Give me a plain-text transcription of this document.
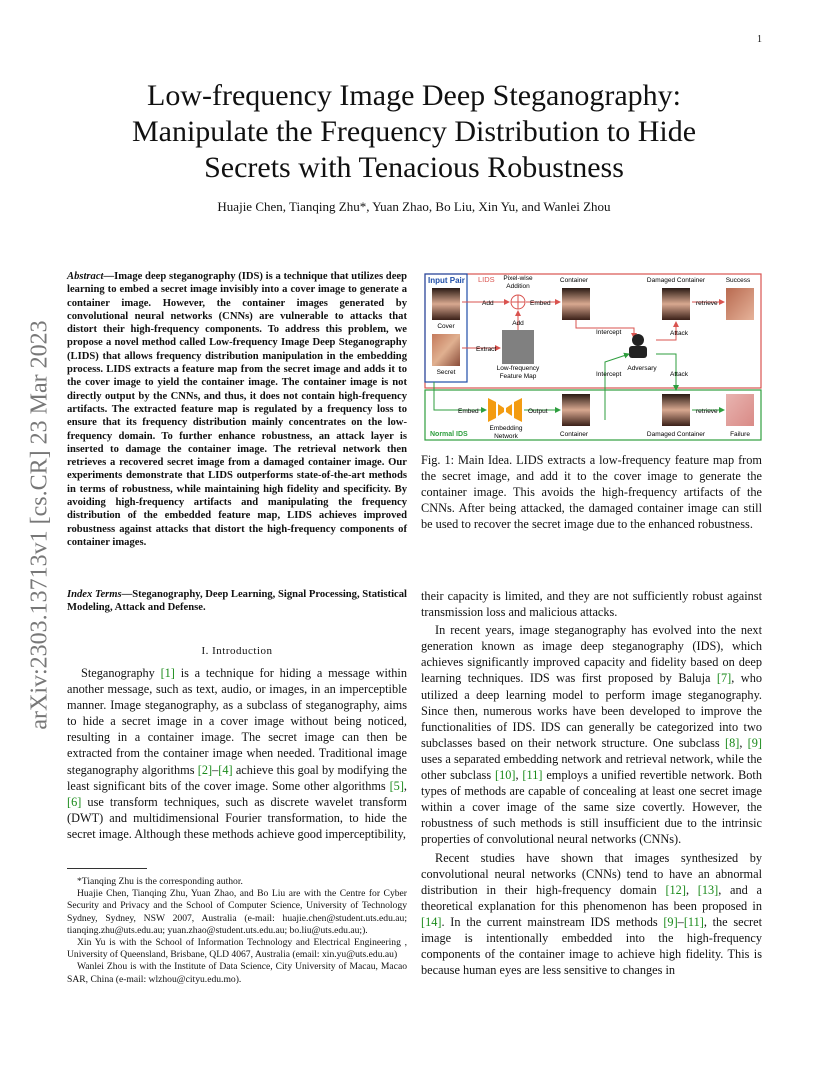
1
arXiv:2303.13713v1 [cs.CR] 23 Mar 2023
Low-frequency Image Deep Steganography:
Manipulate the Frequency Distribution to Hide
Secrets with Tenacious Robustness
Huajie Chen, Tianqing Zhu*, Yuan Zhao, Bo Liu, Xin Yu, and Wanlei Zhou
Abstract—Image deep steganography (IDS) is a technique that utilizes deep learning to embed a secret image invisibly into a cover image to generate a container image. However, the container images generated by convolutional neural networks (CNNs) are vulnerable to attacks that distort their high-frequency components. To address this problem, we propose a novel method called Low-frequency Image Deep Steganography (LIDS) that allows frequency distribution manipulation in the embedding process. LIDS extracts a feature map from the secret image and adds it to the cover image to yield the container image. The container image is not directly output by the CNNs, and thus, it does not contain high-frequency artifacts. The extracted feature map is regulated by a frequency loss to ensure that its frequency distribution mainly concentrates on the low-frequency domain. To further enhance robustness, an attack layer is inserted to damage the container image. The retrieval network then retrieves a recovered secret image from a damaged container image. Our experiments demonstrate that LIDS outperforms state-of-the-art methods in terms of robustness, while maintaining high fidelity and specificity. By avoiding high-frequency artifacts and manipulating the frequency distribution of the embedded feature map, LIDS achieves improved robustness against attacks that distort the high-frequency components of container images.
Index Terms—Steganography, Deep Learning, Signal Processing, Statistical Modeling, Attack and Defense.
I. Introduction

Steganography [1] is a technique for hiding a message within another message, such as text, audio, or images, in an imperceptible manner. Image steganography, as a subclass of steganography, aims to hide a secret image in a cover image without being noticed, resulting in a container image. The secret image can then be extracted from the container image when needed. Traditional image steganography algorithms [2]–[4] achieve this goal by modifying the least significant bits of the cover image. Some other algorithms [5], [6] use transform techniques, such as discrete wavelet transform (DWT) and multidimensional Fourier transformation, to hide the secret image. Although these methods achieve good imperceptibility,

*Tianqing Zhu is the corresponding author.

Huajie Chen, Tianqing Zhu, Yuan Zhao, and Bo Liu are with the Centre for Cyber Security and Privacy and the School of Computer Science, University of Technology Sydney, Sydney, NSW 2007, Australia (e-mail: huajie.chen@student.uts.edu.au; tianqing.zhu@uts.edu.au; yuan.zhao@student.uts.edu.au; bo.liu@uts.edu.au;).

Xin Yu is with the School of Information Technology and Electrical Engineering , University of Queensland, Brisbane, QLD 4067, Australia (email: xin.yu@uts.edu.au)

Wanlei Zhou is with the Institute of Data Science, City University of Macau, Macao SAR, China (e-mail: wlzhou@cityu.edu.mo).

Input Pair LIDS Pixel-wise
Addition
Container	Damaged Container	Success
Cover
Secret
Add	Embed
Add
Extract
Low-frequency
Feature Map
retrieve
Intercept	Attack
Adversary
Intercept	Attack
Embed
Embedding
Network
Output
Container	Damaged Container
retrieve
Failure
Normal IDS
Fig. 1: Main Idea. LIDS extracts a low-frequency feature map from the secret image, and add it to the cover image to generate the container image. This avoids the high-frequency artifacts of the CNNs. After being attacked, the damaged container image can still be used to recover the secret image due to the enhanced robustness.

their capacity is limited, and they are not sufficiently robust against transmission loss and malicious attacks.

In recent years, image steganography has evolved into the next generation known as image deep steganography (IDS), which achieves significantly improved capacity and fidelity based on deep learning techniques. IDS was first proposed by Baluja [7], who utilized a deep learning model to perform image steganography. Since then, numerous works have been developed to improve the functionalities of IDS. IDS can generally be categorized into two subclasses based on their network structure. One subclass [8], [9] uses a separated embedding network and retrieval network, while the other subclass [10], [11] employs a unified revertible network. Both types of methods are capable of concealing at least one secret image within a cover image of the same size covertly. However, the robustness of such methods is still insufficient due to the intrinsic properties of convolutional neural networks (CNNs).

Recent studies have shown that images synthesized by convolutional neural networks (CNNs) tend to have an abnormal distribution in their high-frequency domain [12], [13], and a theoretical explanation for this phenomenon has been proposed in [14]. In the current mainstream IDS methods [9]–[11], the secret image is intentionally embedded into the high-frequency components of the container image to achieve high fidelity. This is because human eyes are less sensitive to changes in
